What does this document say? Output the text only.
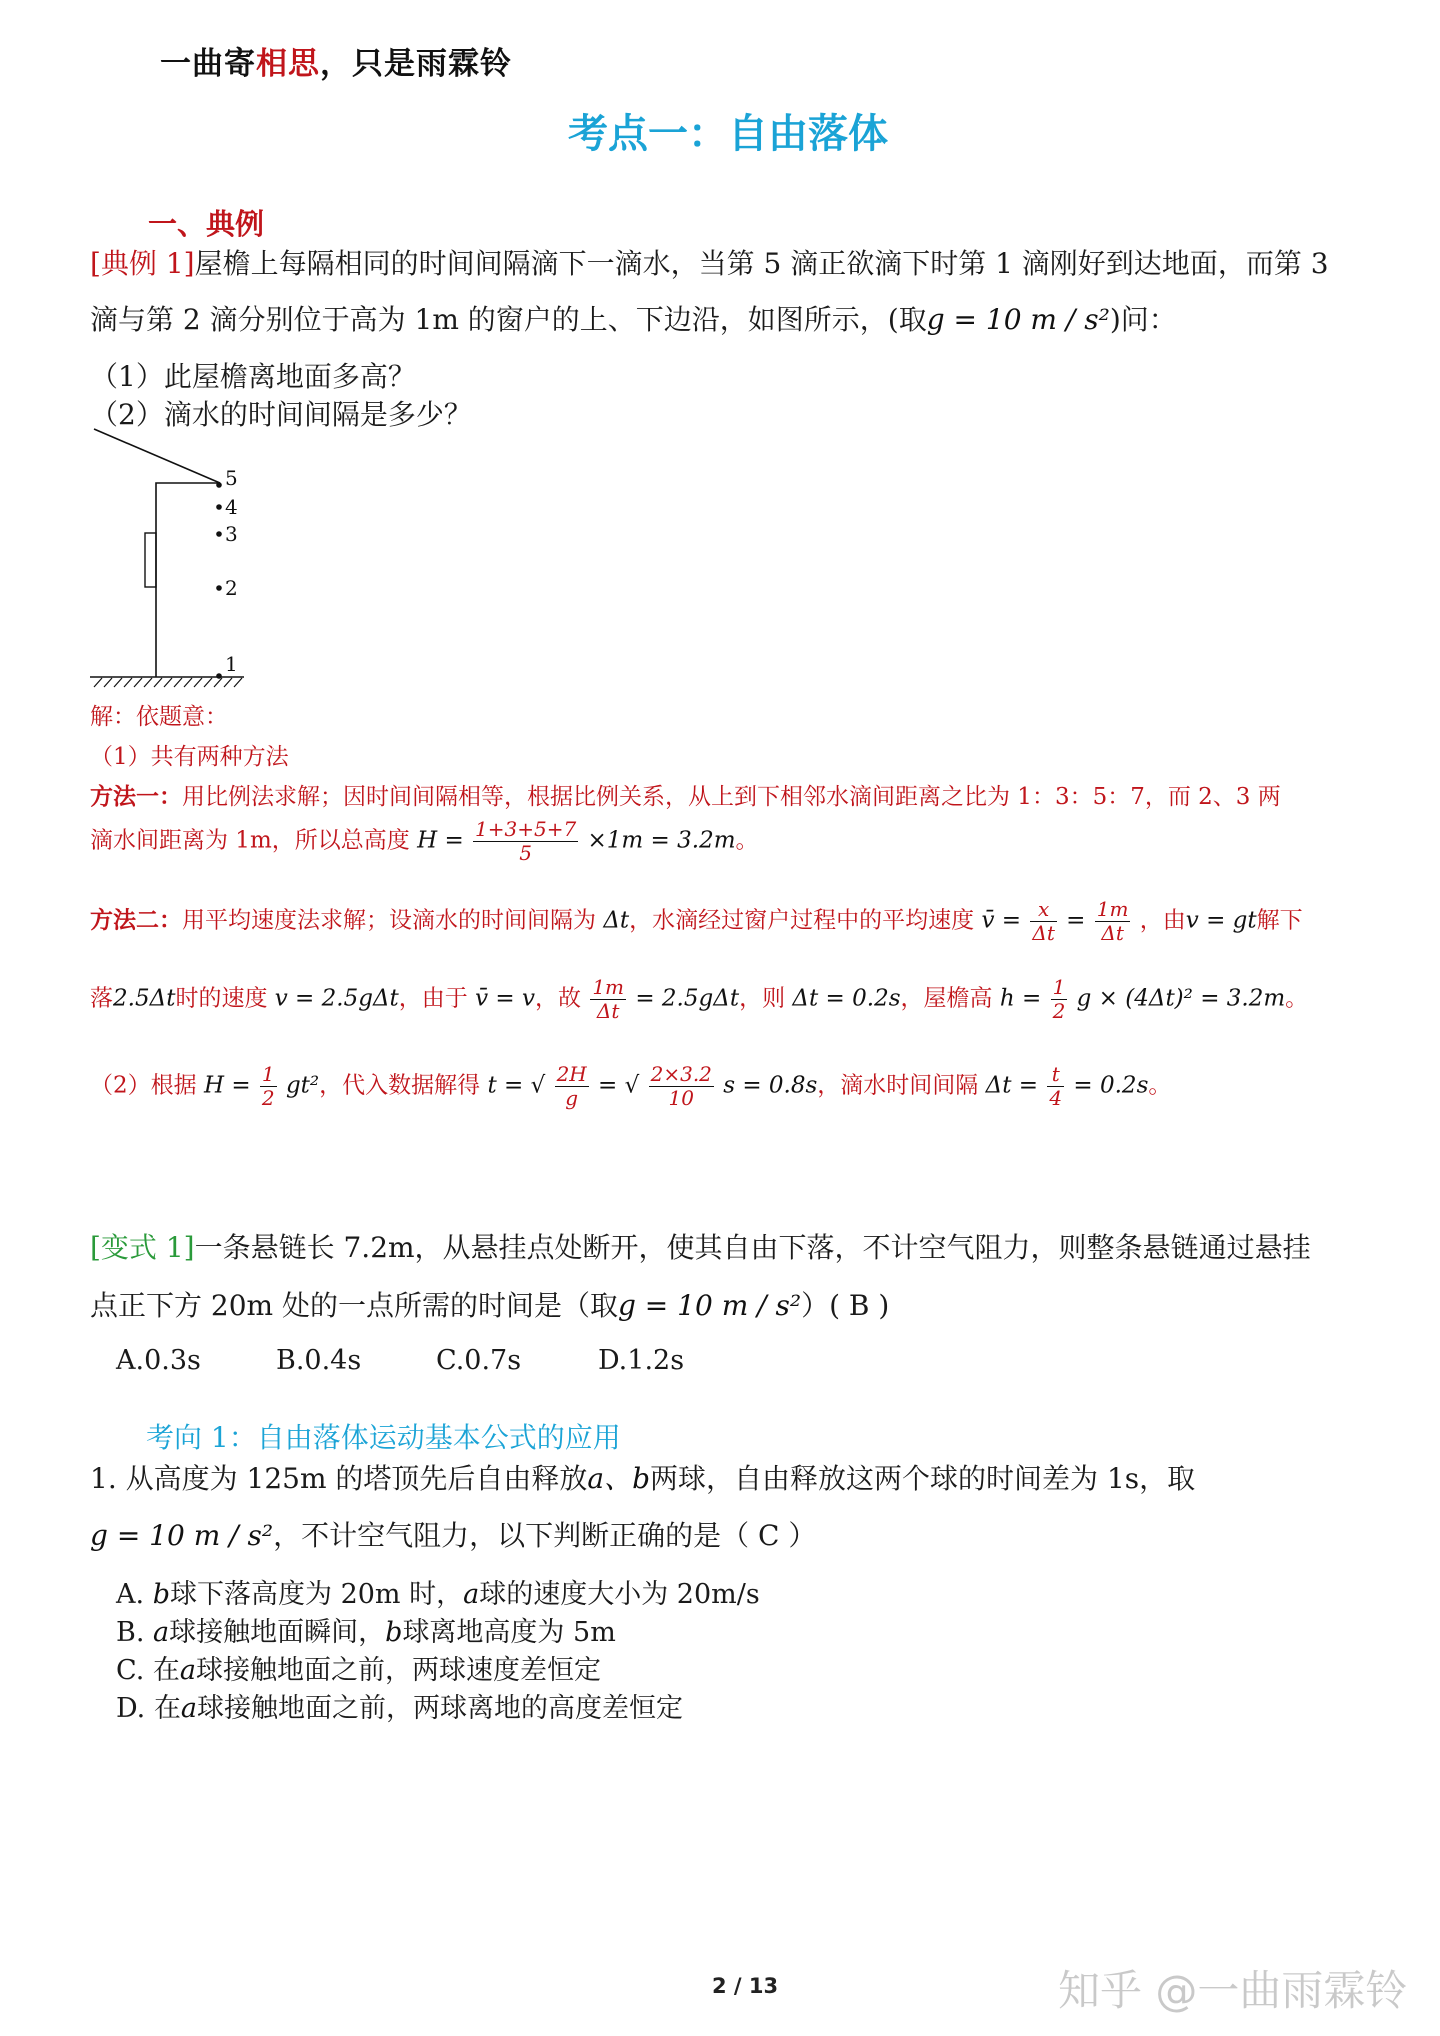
一曲寄相思，只是雨霖铃
考点一：自由落体
一、典例
[典例 1]屋檐上每隔相同的时间间隔滴下一滴水，当第 5 滴正欲滴下时第 1 滴刚好到达地面，而第 3
滴与第 2 滴分别位于高为 1m 的窗户的上、下边沿，如图所示，(取g = 10 m / s²)问：
（1）此屋檐离地面多高？
（2）滴水的时间间隔是多少？
5
4
3
2
1
解：依题意：
（1）共有两种方法
方法一：用比例法求解；因时间间隔相等，根据比例关系，从上到下相邻水滴间距离之比为 1：3：5：7，而 2、3 两
滴水间距离为 1m，所以总高度 $H = \frac{1+3+5+7}{5} \times 1m = 3.2m$。
方法二：用平均速度法求解；设滴水的时间间隔为 Δt，水滴经过窗户过程中的平均速度 v̄ = $\frac{x}{\Delta t} = \frac{1m}{\Delta t}$ ，由v = gt解下
落2.5Δt时的速度 v = 2.5gΔt，由于 v̄ = v，故 $\frac{1m}{\Delta t} = 2.5g\Delta t$，则 Δt = 0.2s，屋檐高 $h = \frac{1}{2}$ g × (4Δt)² = 3.2m。
（2）根据 $H = \frac{1}{2} gt^2$，代入数据解得 t = √ $\frac{2H}{g}$ = √ $\frac{2\times 3.2}{10}$ s = 0.8s，滴水时间间隔 $\Delta t = \frac{t}{4} = 0.2s$。
[变式 1]一条悬链长 7.2m，从悬挂点处断开，使其自由下落，不计空气阻力，则整条悬链通过悬挂
点正下方 20m 处的一点所需的时间是（取g = 10 m / s²）( B )
A.0.3s	B.0.4s	C.0.7s	D.1.2s
考向 1：自由落体运动基本公式的应用
1. 从高度为 125m 的塔顶先后自由释放a、b两球，自由释放这两个球的时间差为 1s，取
g = 10 m / s²，不计空气阻力，以下判断正确的是（ C ）
A. b球下落高度为 20m 时，a球的速度大小为 20m/s
B. a球接触地面瞬间，b球离地高度为 5m
C. 在a球接触地面之前，两球速度差恒定
D. 在a球接触地面之前，两球离地的高度差恒定
2 / 13	知乎 @一曲雨霖铃
